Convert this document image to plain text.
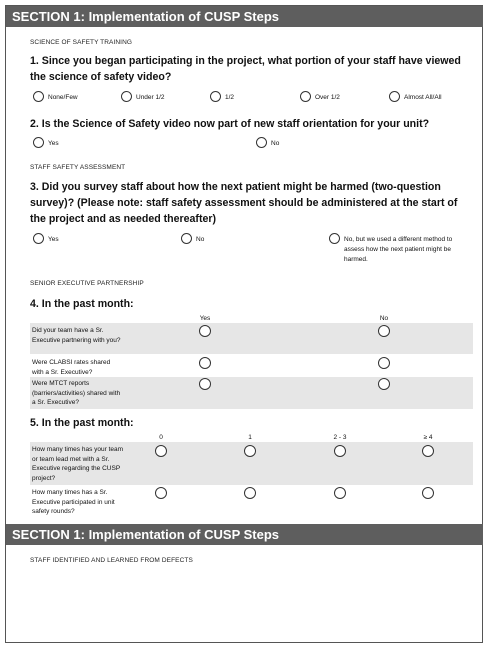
SECTION 1: Implementation of CUSP Steps
SCIENCE OF SAFETY TRAINING
1. Since you began participating in the project, what portion of your staff have viewed the science of safety video?
None/Few	Under 1/2	1/2	Over 1/2	Almost All/All
2. Is the Science of Safety video now part of new staff orientation for your unit?
Yes	No
STAFF SAFETY ASSESSMENT
3. Did you survey staff about how the next patient might be harmed (two-question survey)? (Please note: staff safety assessment should be administered at the start of the project and as needed thereafter)
Yes	No	No, but we used a different method to assess how the next patient might be harmed.
SENIOR EXECUTIVE PARTNERSHIP
4. In the past month:
Yes	No
Did your team have a Sr. Executive partnering with you?
Were CLABSI rates shared with a Sr. Executive?
Were MTCT reports (barriers/activities) shared with a Sr. Executive?
5. In the past month:
0	1	2 - 3	≥ 4
How many times has your team or team lead met with a Sr. Executive regarding the CUSP project?
How many times has a Sr. Executive participated in unit safety rounds?
SECTION 1: Implementation of CUSP Steps
STAFF IDENTIFIED AND LEARNED FROM DEFECTS
